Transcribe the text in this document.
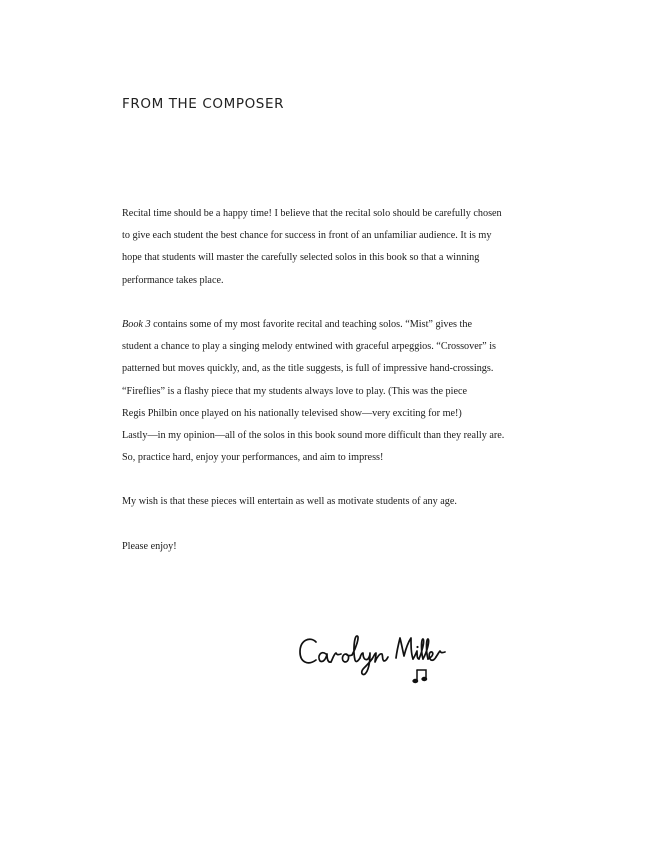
FROM THE COMPOSER
Recital time should be a happy time! I believe that the recital solo should be carefully chosen
to give each student the best chance for success in front of an unfamiliar audience. It is my
hope that students will master the carefully selected solos in this book so that a winning
performance takes place.
Book 3 contains some of my most favorite recital and teaching solos. “Mist” gives the
student a chance to play a singing melody entwined with graceful arpeggios. “Crossover” is
patterned but moves quickly, and, as the title suggests, is full of impressive hand-crossings.
“Fireflies” is a flashy piece that my students always love to play. (This was the piece
Regis Philbin once played on his nationally televised show—very exciting for me!)
Lastly—in my opinion—all of the solos in this book sound more difficult than they really are.
So, practice hard, enjoy your performances, and aim to impress!
My wish is that these pieces will entertain as well as motivate students of any age.
Please enjoy!
